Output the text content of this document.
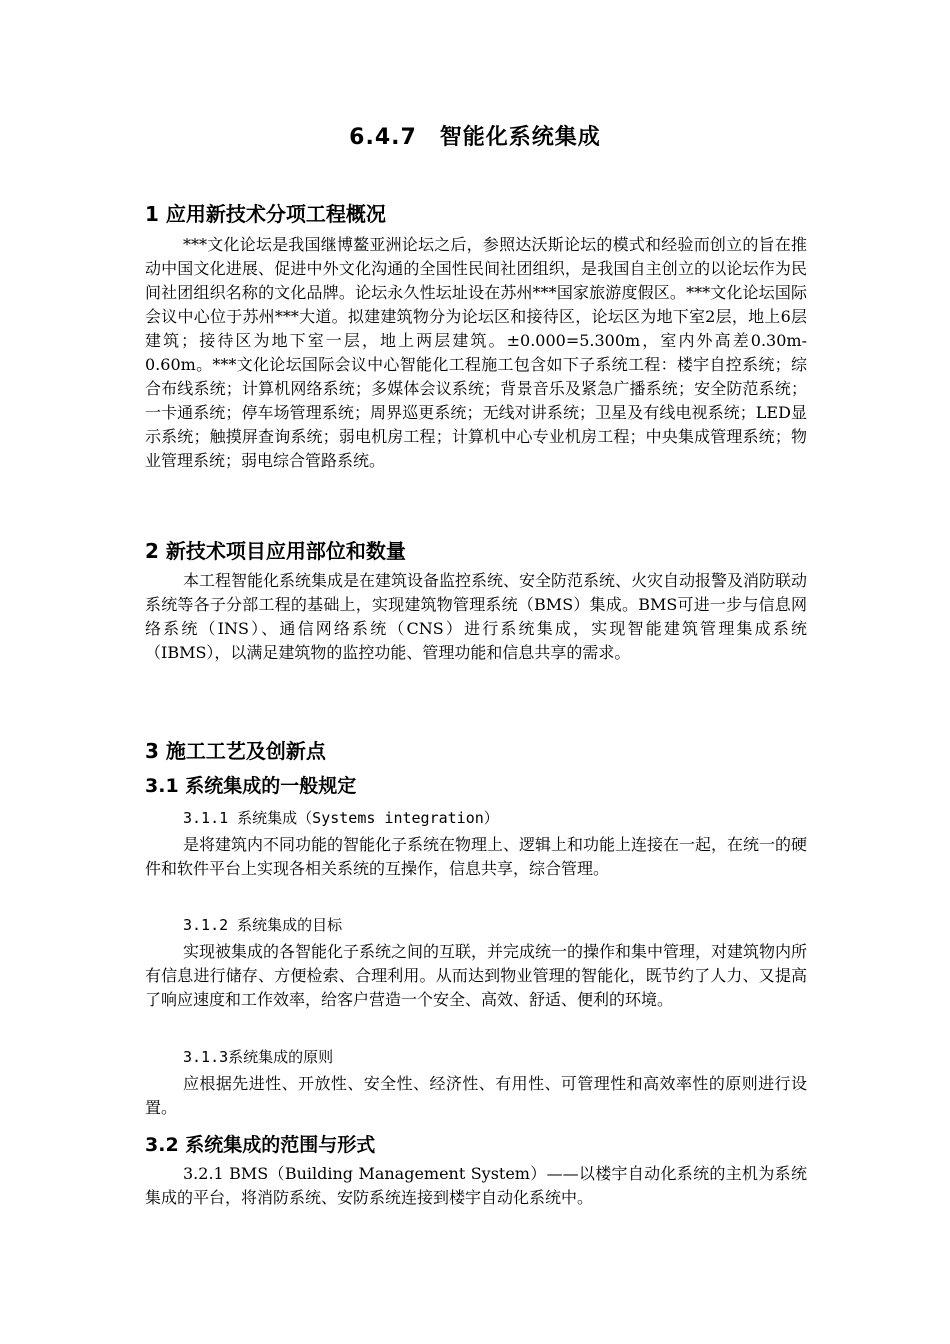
6.4.7　智能化系统集成
1 应用新技术分项工程概况
***文化论坛是我国继博鳌亚洲论坛之后，参照达沃斯论坛的模式和经验而创立的旨在推动中国文化进展、促进中外文化沟通的全国性民间社团组织，是我国自主创立的以论坛作为民间社团组织名称的文化品牌。论坛永久性坛址设在苏州***国家旅游度假区。***文化论坛国际会议中心位于苏州***大道。拟建建筑物分为论坛区和接待区，论坛区为地下室2层，地上6层建筑；接待区为地下室一层，地上两层建筑。±0.000=5.300m，室内外高差0.30m-0.60m。***文化论坛国际会议中心智能化工程施工包含如下子系统工程：楼宇自控系统；综合布线系统；计算机网络系统；多媒体会议系统；背景音乐及紧急广播系统；安全防范系统；一卡通系统；停车场管理系统；周界巡更系统；无线对讲系统；卫星及有线电视系统；LED显示系统；触摸屏查询系统；弱电机房工程；计算机中心专业机房工程；中央集成管理系统；物业管理系统；弱电综合管路系统。
2 新技术项目应用部位和数量
本工程智能化系统集成是在建筑设备监控系统、安全防范系统、火灾自动报警及消防联动系统等各子分部工程的基础上，实现建筑物管理系统（BMS）集成。BMS可进一步与信息网络系统（INS）、通信网络系统（CNS）进行系统集成，实现智能建筑管理集成系统（IBMS），以满足建筑物的监控功能、管理功能和信息共享的需求。
3 施工工艺及创新点
3.1 系统集成的一般规定
3.1.1 系统集成（Systems integration）
是将建筑内不同功能的智能化子系统在物理上、逻辑上和功能上连接在一起，在统一的硬件和软件平台上实现各相关系统的互操作，信息共享，综合管理。
3.1.2 系统集成的目标
实现被集成的各智能化子系统之间的互联，并完成统一的操作和集中管理，对建筑物内所有信息进行储存、方便检索、合理利用。从而达到物业管理的智能化，既节约了人力、又提高了响应速度和工作效率，给客户营造一个安全、高效、舒适、便利的环境。
3.1.3系统集成的原则
应根据先进性、开放性、安全性、经济性、有用性、可管理性和高效率性的原则进行设置。
3.2 系统集成的范围与形式
3.2.1 BMS（Building Management System）——以楼宇自动化系统的主机为系统集成的平台，将消防系统、安防系统连接到楼宇自动化系统中。
